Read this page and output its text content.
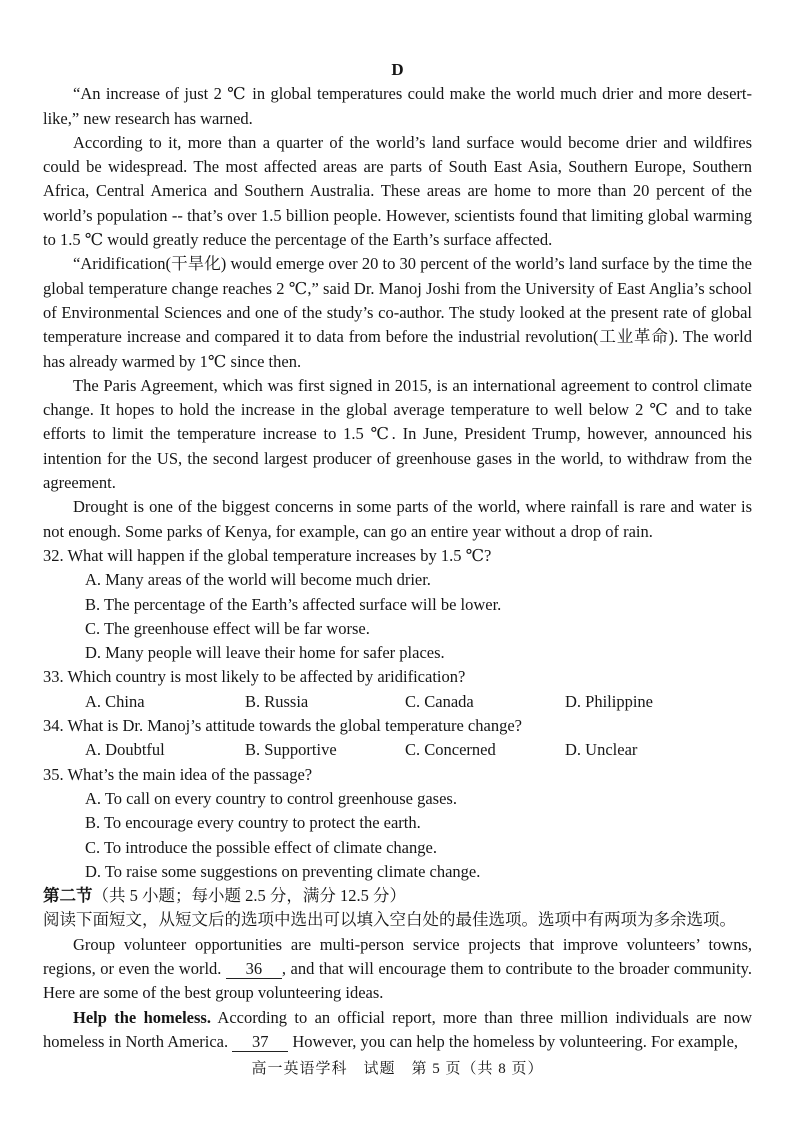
D

“An increase of just 2 ℃ in global temperatures could make the world much drier and more desert-like,” new research has warned.

According to it, more than a quarter of the world’s land surface would become drier and wildfires could be widespread. The most affected areas are parts of South East Asia, Southern Europe, Southern Africa, Central America and Southern Australia. These areas are home to more than 20 percent of the world’s population -- that’s over 1.5 billion people. However, scientists found that limiting global warming to 1.5 ℃ would greatly reduce the percentage of the Earth’s surface affected.

“Aridification(干旱化) would emerge over 20 to 30 percent of the world’s land surface by the time the global temperature change reaches 2 ℃,” said Dr. Manoj Joshi from the University of East Anglia’s school of Environmental Sciences and one of the study’s co-author. The study looked at the present rate of global temperature increase and compared it to data from before the industrial revolution(工业革命). The world has already warmed by 1℃ since then.

The Paris Agreement, which was first signed in 2015, is an international agreement to control climate change. It hopes to hold the increase in the global average temperature to well below 2 ℃ and to take efforts to limit the temperature increase to 1.5 ℃. In June, President Trump, however, announced his intention for the US, the second largest producer of greenhouse gases in the world, to withdraw from the agreement.

Drought is one of the biggest concerns in some parts of the world, where rainfall is rare and water is not enough. Some parks of Kenya, for example, can go an entire year without a drop of rain.

32. What will happen if the global temperature increases by 1.5 ℃?
A. Many areas of the world will become much drier.
B. The percentage of the Earth’s affected surface will be lower.
C. The greenhouse effect will be far worse.
D. Many people will leave their home for safer places.
33. Which country is most likely to be affected by aridification?
A. China	B. Russia	C. Canada	D. Philippine
34. What is Dr. Manoj’s attitude towards the global temperature change?
A. Doubtful	B. Supportive	C. Concerned	D. Unclear
35. What’s the main idea of the passage?
A. To call on every country to control greenhouse gases.
B. To encourage every country to protect the earth.
C. To introduce the possible effect of climate change.
D. To raise some suggestions on preventing climate change.
第二节（共 5 小题；每小题 2.5 分，满分 12.5 分）
阅读下面短文，从短文后的选项中选出可以填入空白处的最佳选项。选项中有两项为多余选项。

Group volunteer opportunities are multi-person service projects that improve volunteers’ towns, regions, or even the world. 36 , and that will encourage them to contribute to the broader community. Here are some of the best group volunteering ideas.

Help the homeless. According to an official report, more than three million individuals are now homeless in North America. 37 However, you can help the homeless by volunteering. For example,

高一英语学科　试题　第 5 页（共 8 页）
